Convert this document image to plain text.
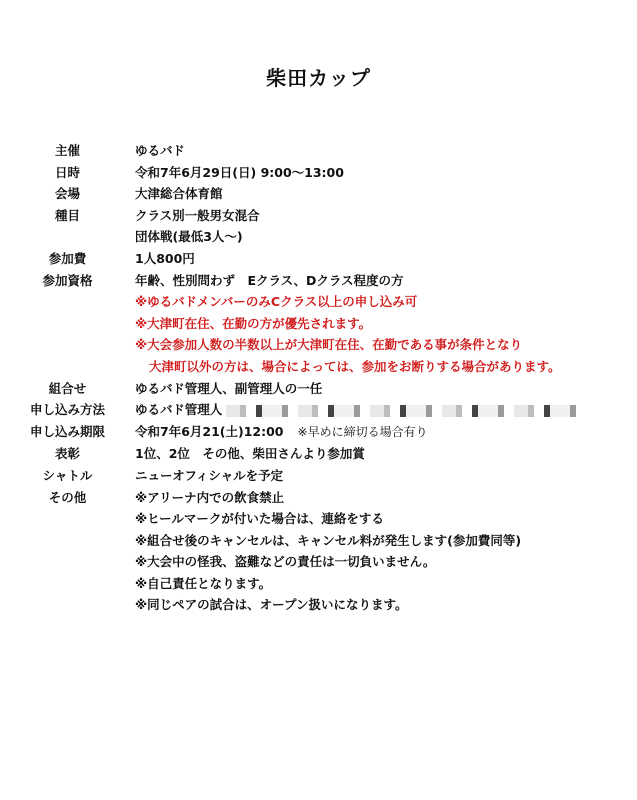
柴田カップ
主催	ゆるバド
日時	令和7年6月29日(日) 9:00～13:00
会場	大津総合体育館
種目	クラス別一般男女混合
団体戦(最低3人～)
参加費	1人800円
参加資格	年齢、性別問わず　Eクラス、Dクラス程度の方
※ゆるバドメンバーのみCクラス以上の申し込み可
※大津町在住、在勤の方が優先されます。
※大会参加人数の半数以上が大津町在住、在勤である事が条件となり
大津町以外の方は、場合によっては、参加をお断りする場合があります。
組合せ	ゆるバド管理人、副管理人の一任
申し込み方法	ゆるバド管理人
申し込み期限	令和7年6月21(土)12:00 ※早めに締切る場合有り
表彰	1位、2位　その他、柴田さんより参加賞
シャトル	ニューオフィシャルを予定
その他	※アリーナ内での飲食禁止
※ヒールマークが付いた場合は、連絡をする
※組合せ後のキャンセルは、キャンセル料が発生します(参加費同等)
※大会中の怪我、盗難などの責任は一切負いません。
※自己責任となります。
※同じペアの試合は、オープン扱いになります。
